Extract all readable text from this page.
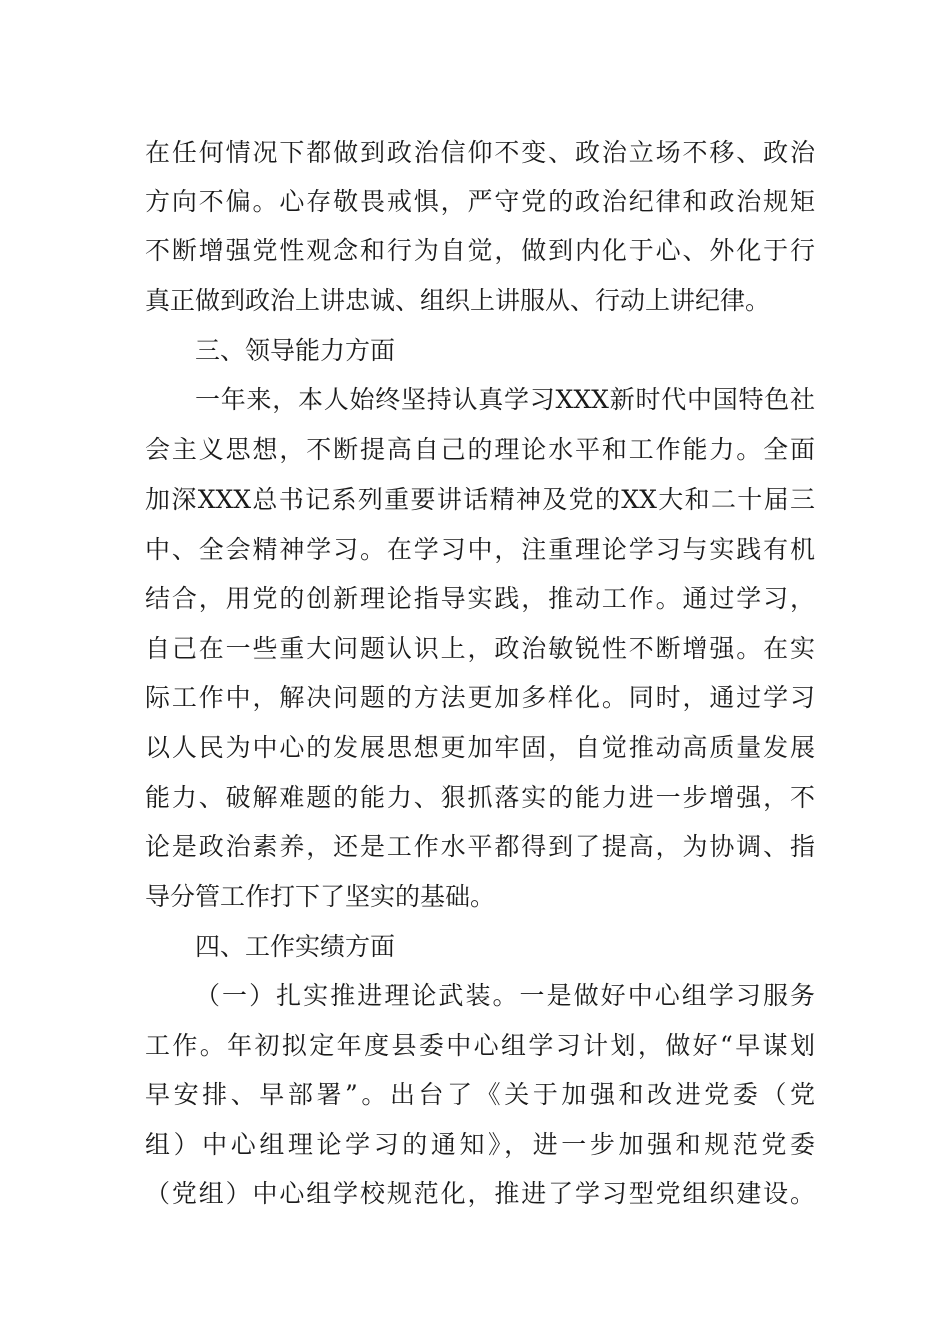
在任何情况下都做到政治信仰不变、政治立场不移、政治
方向不偏。心存敬畏戒惧，严守党的政治纪律和政治规矩
不断增强党性观念和行为自觉，做到内化于心、外化于行
真正做到政治上讲忠诚、组织上讲服从、行动上讲纪律。
三、领导能力方面
一年来，本人始终坚持认真学习XXX新时代中国特色社
会主义思想，不断提高自己的理论水平和工作能力。全面
加深XXX总书记系列重要讲话精神及党的XX大和二十届三
中、全会精神学习。在学习中，注重理论学习与实践有机
结合，用党的创新理论指导实践，推动工作。通过学习，
自己在一些重大问题认识上，政治敏锐性不断增强。在实
际工作中，解决问题的方法更加多样化。同时，通过学习
以人民为中心的发展思想更加牢固，自觉推动高质量发展
能力、破解难题的能力、狠抓落实的能力进一步增强，不
论是政治素养，还是工作水平都得到了提高，为协调、指
导分管工作打下了坚实的基础。
四、工作实绩方面
（一）扎实推进理论武装。一是做好中心组学习服务
工作。年初拟定年度县委中心组学习计划，做好“早谋划
早安排、早部署”。出台了《关于加强和改进党委（党
组）中心组理论学习的通知》，进一步加强和规范党委
（党组）中心组学校规范化，推进了学习型党组织建设。
